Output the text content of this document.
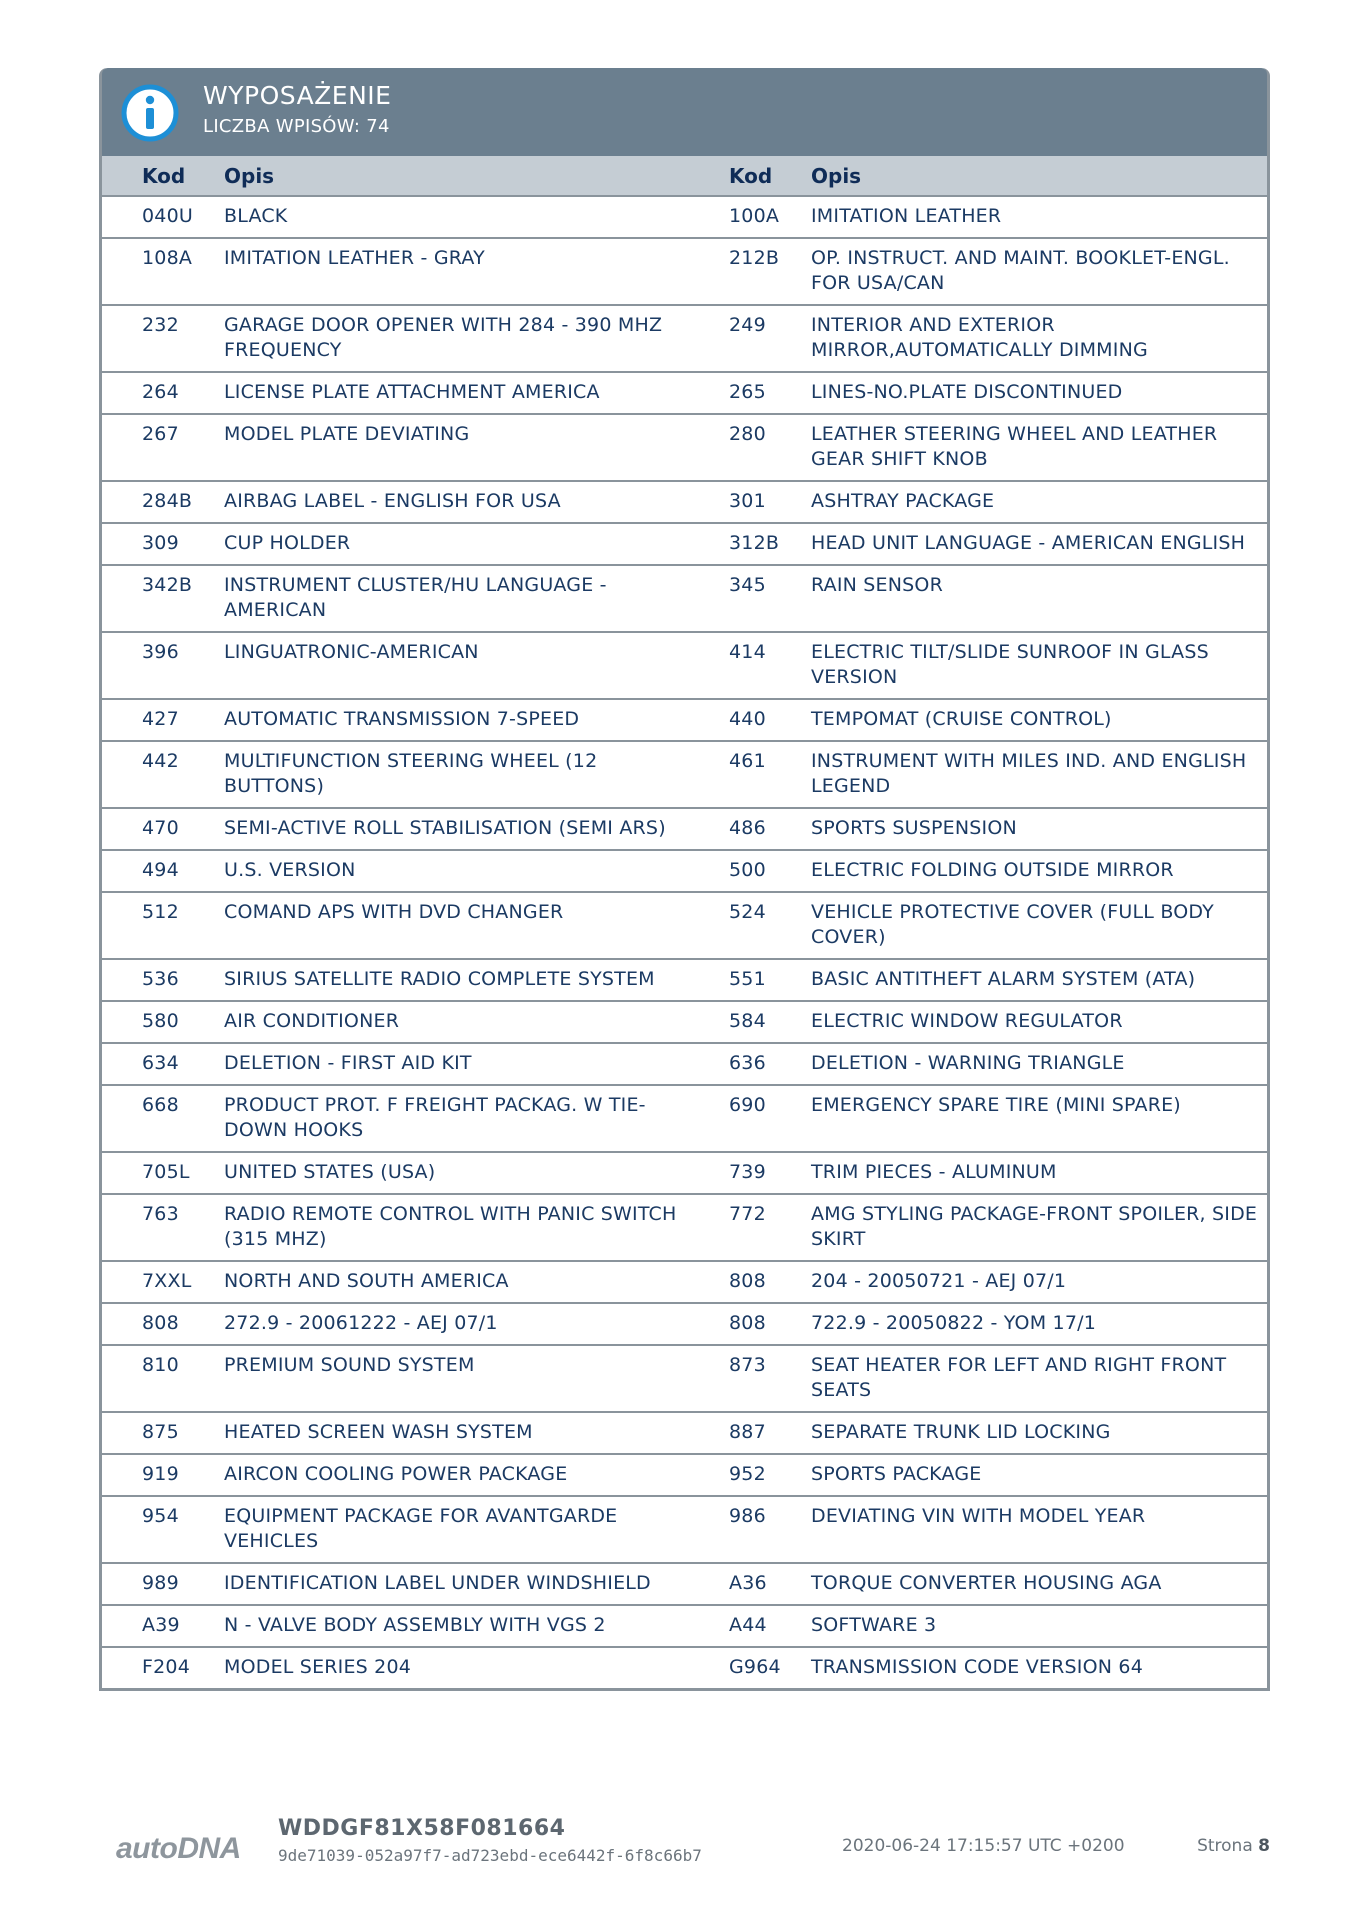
WYPOSAŻENIE
LICZBA WPISÓW: 74
Kod	Opis	Kod	Opis
040U	BLACK	100A	IMITATION LEATHER
108A	IMITATION LEATHER - GRAY	212B	OP. INSTRUCT. AND MAINT. BOOKLET-ENGL. FOR USA/CAN
232	GARAGE DOOR OPENER WITH 284 - 390 MHZ FREQUENCY	249	INTERIOR AND EXTERIOR MIRROR,AUTOMATICALLY DIMMING
264	LICENSE PLATE ATTACHMENT AMERICA	265	LINES-NO.PLATE DISCONTINUED
267	MODEL PLATE DEVIATING	280	LEATHER STEERING WHEEL AND LEATHER GEAR SHIFT KNOB
284B	AIRBAG LABEL - ENGLISH FOR USA	301	ASHTRAY PACKAGE
309	CUP HOLDER	312B	HEAD UNIT LANGUAGE - AMERICAN ENGLISH
342B	INSTRUMENT CLUSTER/HU LANGUAGE - AMERICAN	345	RAIN SENSOR
396	LINGUATRONIC-AMERICAN	414	ELECTRIC TILT/SLIDE SUNROOF IN GLASS VERSION
427	AUTOMATIC TRANSMISSION 7-SPEED	440	TEMPOMAT (CRUISE CONTROL)
442	MULTIFUNCTION STEERING WHEEL (12 BUTTONS)	461	INSTRUMENT WITH MILES IND. AND ENGLISH LEGEND
470	SEMI-ACTIVE ROLL STABILISATION (SEMI ARS)	486	SPORTS SUSPENSION
494	U.S. VERSION	500	ELECTRIC FOLDING OUTSIDE MIRROR
512	COMAND APS WITH DVD CHANGER	524	VEHICLE PROTECTIVE COVER (FULL BODY COVER)
536	SIRIUS SATELLITE RADIO COMPLETE SYSTEM	551	BASIC ANTITHEFT ALARM SYSTEM (ATA)
580	AIR CONDITIONER	584	ELECTRIC WINDOW REGULATOR
634	DELETION - FIRST AID KIT	636	DELETION - WARNING TRIANGLE
668	PRODUCT PROT. F FREIGHT PACKAG. W TIE-DOWN HOOKS	690	EMERGENCY SPARE TIRE (MINI SPARE)
705L	UNITED STATES (USA)	739	TRIM PIECES - ALUMINUM
763	RADIO REMOTE CONTROL WITH PANIC SWITCH (315 MHZ)	772	AMG STYLING PACKAGE-FRONT SPOILER, SIDE SKIRT
7XXL	NORTH AND SOUTH AMERICA	808	204 - 20050721 - AEJ 07/1
808	272.9 - 20061222 - AEJ 07/1	808	722.9 - 20050822 - YOM 17/1
810	PREMIUM SOUND SYSTEM	873	SEAT HEATER FOR LEFT AND RIGHT FRONT SEATS
875	HEATED SCREEN WASH SYSTEM	887	SEPARATE TRUNK LID LOCKING
919	AIRCON COOLING POWER PACKAGE	952	SPORTS PACKAGE
954	EQUIPMENT PACKAGE FOR AVANTGARDE VEHICLES	986	DEVIATING VIN WITH MODEL YEAR
989	IDENTIFICATION LABEL UNDER WINDSHIELD	A36	TORQUE CONVERTER HOUSING AGA
A39	N - VALVE BODY ASSEMBLY WITH VGS 2	A44	SOFTWARE 3
F204	MODEL SERIES 204	G964	TRANSMISSION CODE VERSION 64
autoDNA
WDDGF81X58F081664
9de71039-052a97f7-ad723ebd-ece6442f-6f8c66b7	2020-06-24 17:15:57 UTC +0200	Strona 8
